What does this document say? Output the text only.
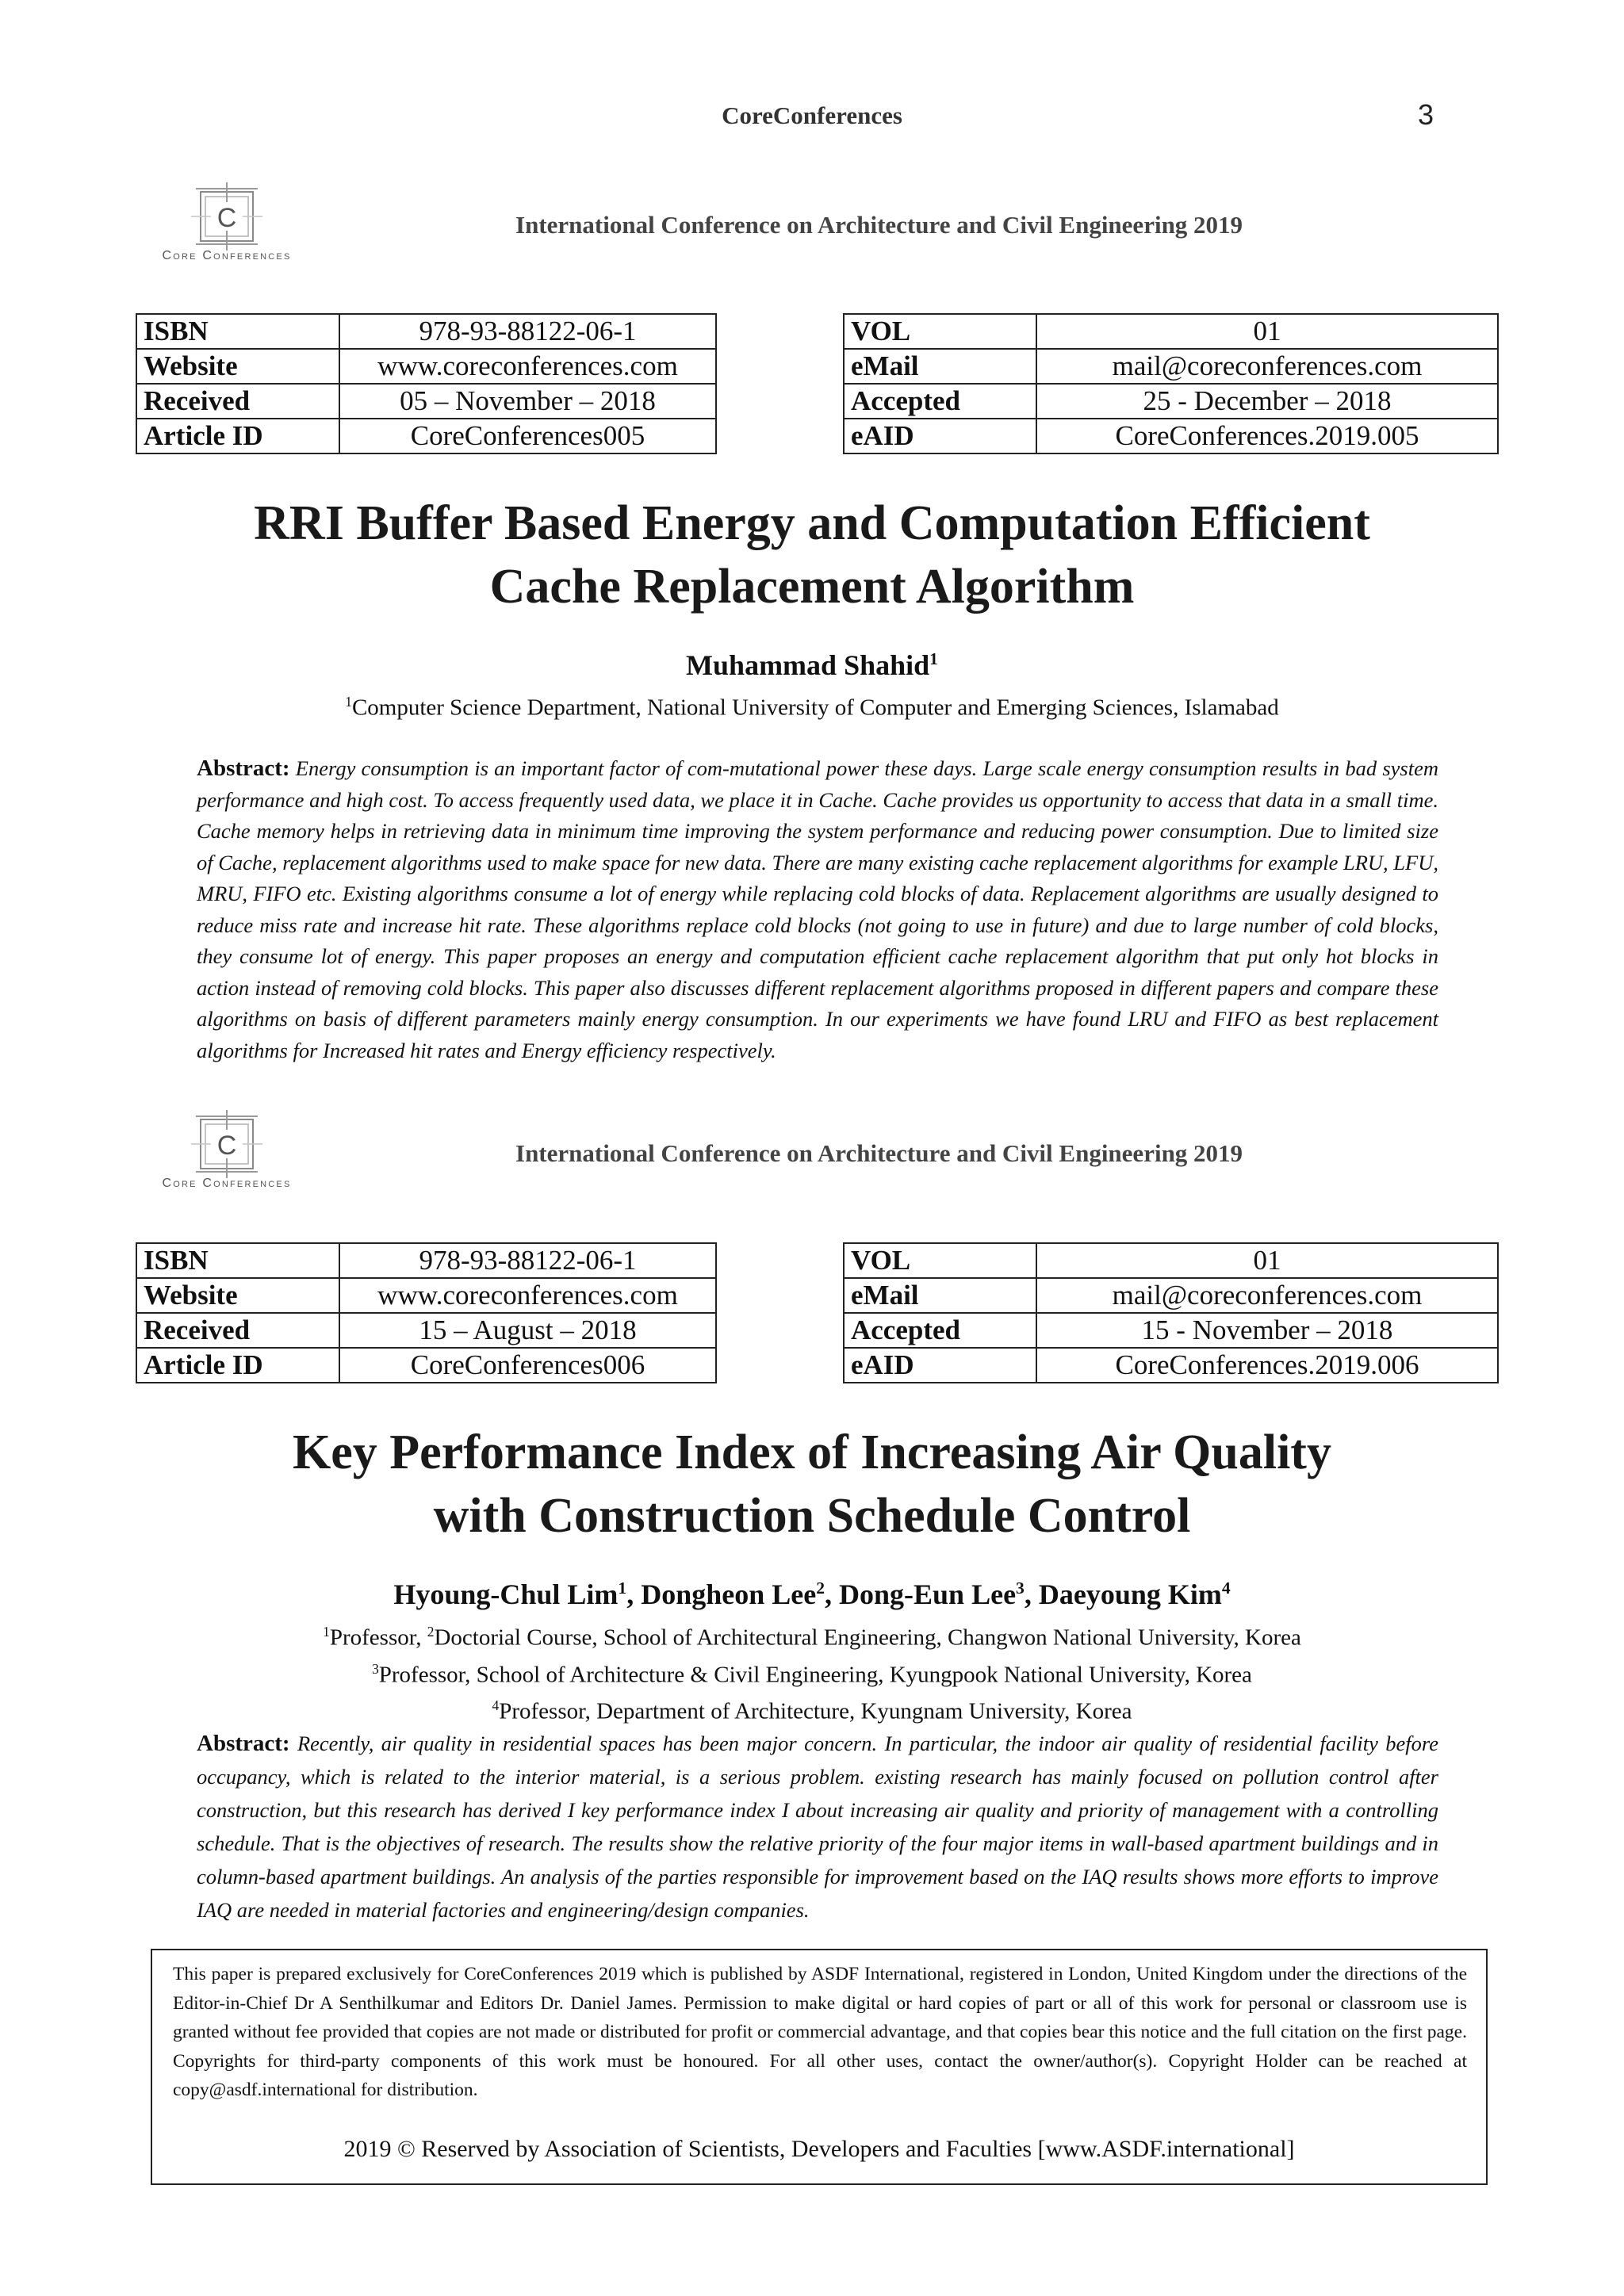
CoreConferences	3
C
Core Conferences
International Conference on Architecture and Civil Engineering 2019
ISBN	978-93-88122-06-1
Website	www.coreconferences.com
Received	05 – November – 2018
Article ID	CoreConferences005
VOL	01
eMail	mail@coreconferences.com
Accepted	25 - December – 2018
eAID	CoreConferences.2019.005
RRI Buffer Based Energy and Computation Efficient
Cache Replacement Algorithm
Muhammad Shahid$^1$
$^1$Computer Science Department, National University of Computer and Emerging Sciences, Islamabad
Abstract: Energy consumption is an important factor of com-mutational power these days. Large scale energy consumption results in bad system performance and high cost. To access frequently used data, we place it in Cache. Cache provides us opportunity to access that data in a small time. Cache memory helps in retrieving data in minimum time improving the system performance and reducing power consumption. Due to limited size of Cache, replacement algorithms used to make space for new data. There are many existing cache replacement algorithms for example LRU, LFU, MRU, FIFO etc. Existing algorithms consume a lot of energy while replacing cold blocks of data. Replacement algorithms are usually designed to reduce miss rate and increase hit rate. These algorithms replace cold blocks (not going to use in future) and due to large number of cold blocks, they consume lot of energy. This paper proposes an energy and computation efficient cache replacement algorithm that put only hot blocks in action instead of removing cold blocks. This paper also discusses different replacement algorithms proposed in different papers and compare these algorithms on basis of different parameters mainly energy consumption. In our experiments we have found LRU and FIFO as best replacement algorithms for Increased hit rates and Energy efficiency respectively.
C
Core Conferences
International Conference on Architecture and Civil Engineering 2019
ISBN	978-93-88122-06-1
Website	www.coreconferences.com
Received	15 – August – 2018
Article ID	CoreConferences006
VOL	01
eMail	mail@coreconferences.com
Accepted	15 - November – 2018
eAID	CoreConferences.2019.006
Key Performance Index of Increasing Air Quality
with Construction Schedule Control
Hyoung-Chul Lim$^1$, Dongheon Lee$^2$, Dong-Eun Lee$^3$, Daeyoung Kim$^4$
$^1$Professor, $^2$Doctorial Course, School of Architectural Engineering, Changwon National University, Korea
$^3$Professor, School of Architecture & Civil Engineering, Kyungpook National University, Korea
$^4$Professor, Department of Architecture, Kyungnam University, Korea
Abstract: Recently, air quality in residential spaces has been major concern. In particular, the indoor air quality of residential facility before occupancy, which is related to the interior material, is a serious problem. existing research has mainly focused on pollution control after construction, but this research has derived I key performance index I about increasing air quality and priority of management with a controlling schedule. That is the objectives of research. The results show the relative priority of the four major items in wall-based apartment buildings and in column-based apartment buildings. An analysis of the parties responsible for improvement based on the IAQ results shows more efforts to improve IAQ are needed in material factories and engineering/design companies.
This paper is prepared exclusively for CoreConferences 2019 which is published by ASDF International, registered in London, United Kingdom under the directions of the Editor-in-Chief Dr A Senthilkumar and Editors Dr. Daniel James. Permission to make digital or hard copies of part or all of this work for personal or classroom use is granted without fee provided that copies are not made or distributed for profit or commercial advantage, and that copies bear this notice and the full citation on the first page. Copyrights for third-party components of this work must be honoured. For all other uses, contact the owner/author(s). Copyright Holder can be reached at copy@asdf.international for distribution.
2019 © Reserved by Association of Scientists, Developers and Faculties [www.ASDF.international]
